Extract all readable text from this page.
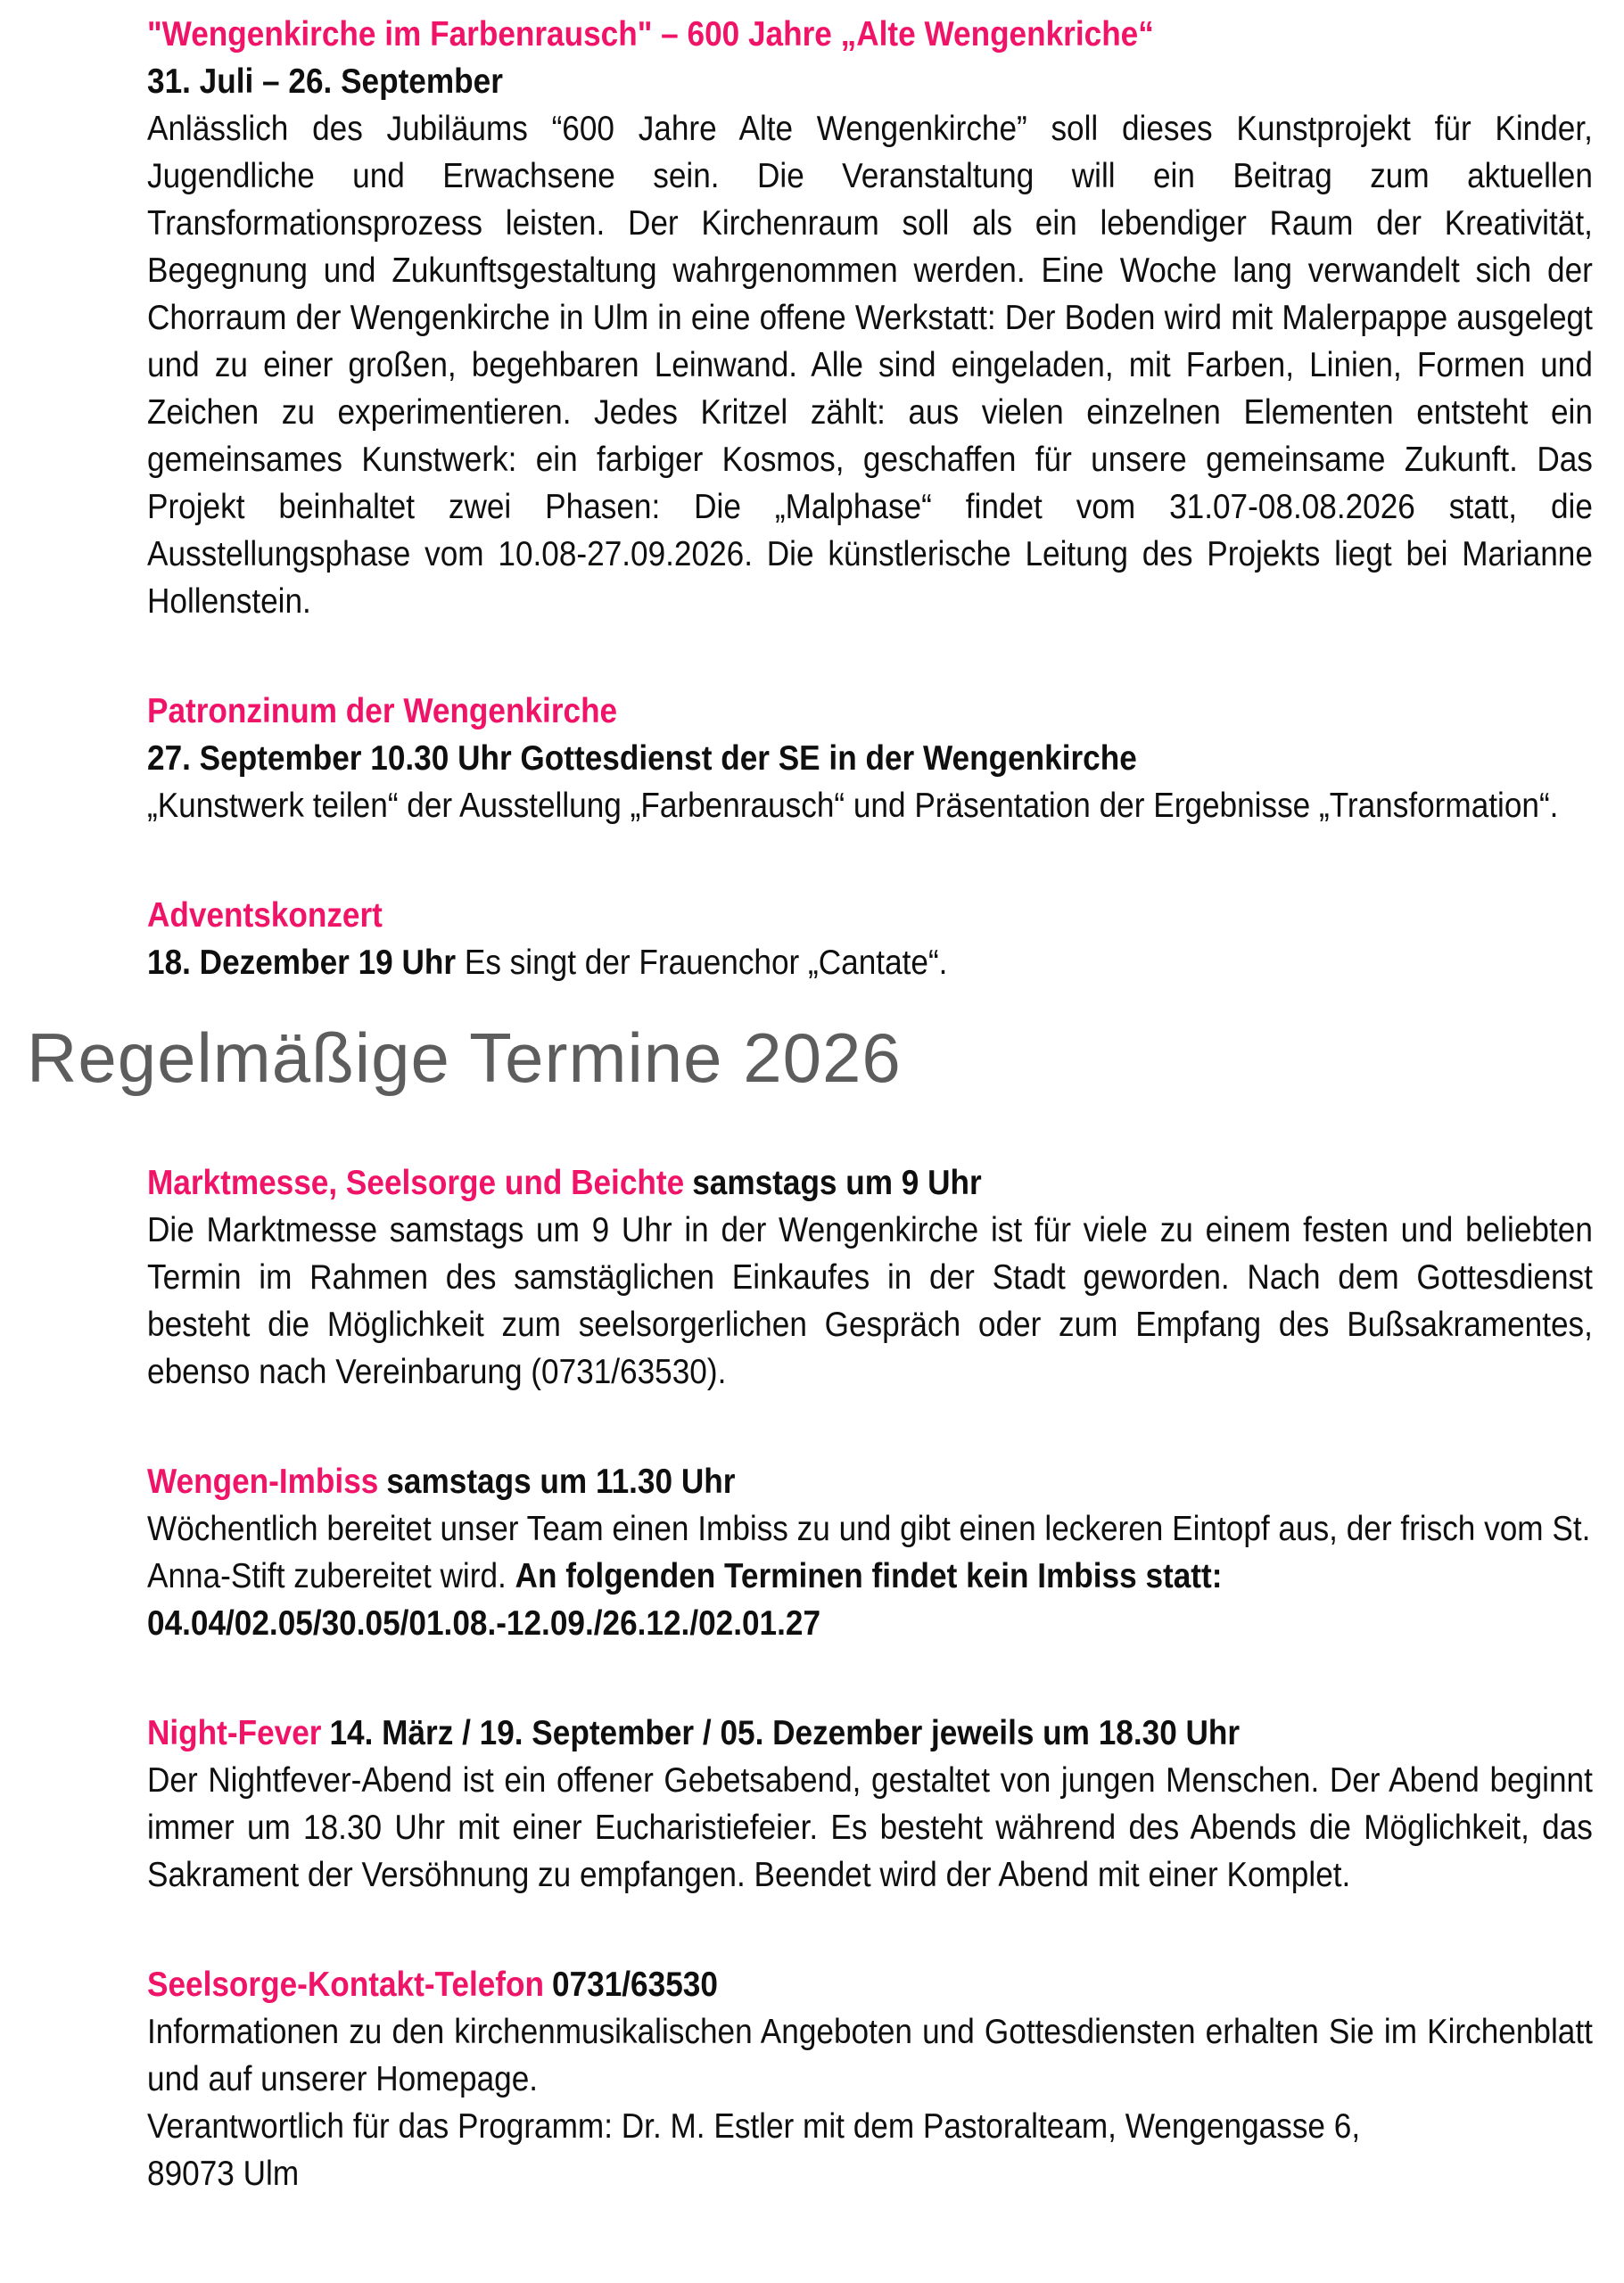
"Wengenkirche im Farbenrausch" – 600 Jahre „Alte Wengenkriche“

31. Juli – 26. September

Anlässlich des Jubiläums “600 Jahre Alte Wengenkirche” soll dieses Kunstprojekt für Kinder, Jugendliche und Erwachsene sein. Die Veranstaltung will ein Beitrag zum aktuellen Transformationsprozess leisten. Der Kirchenraum soll als ein lebendiger Raum der Kreativität, Begegnung und Zukunftsgestaltung wahrgenommen werden. Eine Woche lang verwandelt sich der Chorraum der Wengenkirche in Ulm in eine offene Werkstatt: Der Boden wird mit Malerpappe ausgelegt und zu einer großen, begehbaren Leinwand. Alle sind eingeladen, mit Farben, Linien, Formen und Zeichen zu experimentieren. Jedes Kritzel zählt: aus vielen einzelnen Elementen entsteht ein gemeinsames Kunstwerk: ein farbiger Kosmos, geschaffen für unsere gemeinsame Zukunft. Das Projekt beinhaltet zwei Phasen: Die „Malphase“ findet vom 31.07-08.08.2026 statt, die Ausstellungsphase vom 10.08-27.09.2026. Die künstlerische Leitung des Projekts liegt bei Marianne Hollenstein.

Patronzinum der Wengenkirche

27. September 10.30 Uhr Gottesdienst der SE in der Wengenkirche

„Kunstwerk teilen“ der Ausstellung „Farbenrausch“ und Präsentation der Ergebnisse „Transformation“.

Adventskonzert

18. Dezember 19 Uhr Es singt der Frauenchor „Cantate“.

Regelmäßige Termine 2026

Marktmesse, Seelsorge und Beichte samstags um 9 Uhr

Die Marktmesse samstags um 9 Uhr in der Wengenkirche ist für viele zu einem festen und beliebten Termin im Rahmen des samstäglichen Einkaufes in der Stadt geworden. Nach dem Gottesdienst besteht die Möglichkeit zum seelsorgerlichen Gespräch oder zum Empfang des Bußsakramentes, ebenso nach Vereinbarung (0731/63530).

Wengen-Imbiss samstags um 11.30 Uhr

Wöchentlich bereitet unser Team einen Imbiss zu und gibt einen leckeren Eintopf aus, der frisch vom St. Anna-Stift zubereitet wird. An folgenden Terminen findet kein Imbiss statt: 04.04/02.05/30.05/01.08.-12.09./26.12./02.01.27

Night-Fever 14. März / 19. September / 05. Dezember jeweils um 18.30 Uhr

Der Nightfever-Abend ist ein offener Gebetsabend, gestaltet von jungen Menschen. Der Abend beginnt immer um 18.30 Uhr mit einer Eucharistiefeier. Es besteht während des Abends die Möglichkeit, das Sakrament der Versöhnung zu empfangen. Beendet wird der Abend mit einer Komplet.

Seelsorge-Kontakt-Telefon 0731/63530

Informationen zu den kirchenmusikalischen Angeboten und Gottesdiensten erhalten Sie im Kirchenblatt und auf unserer Homepage.

Verantwortlich für das Programm: Dr. M. Estler mit dem Pastoralteam, Wengengasse 6,

89073 Ulm
